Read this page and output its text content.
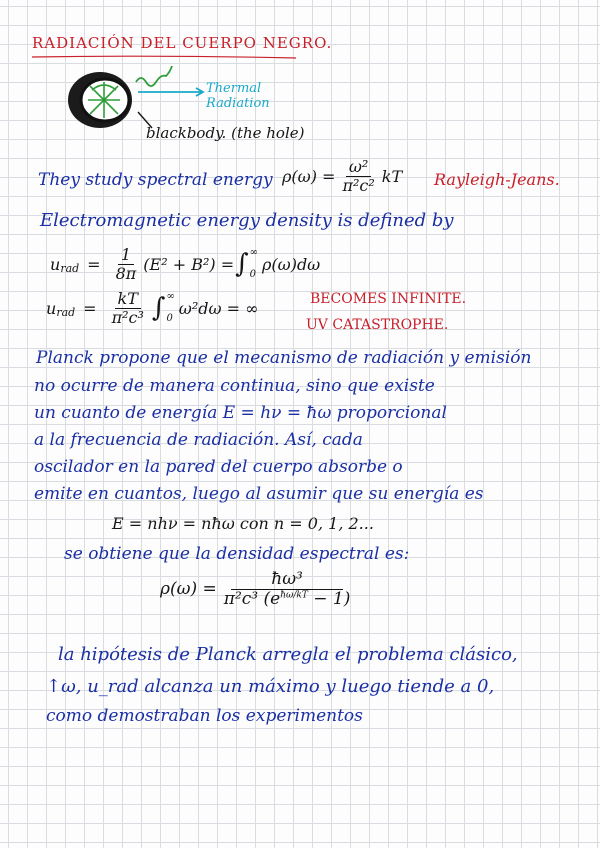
RADIACIÓN DEL CUERPO NEGRO.
Thermal
Radiation
blackbody. (the hole)
They study spectral energy $\rho(\omega) = \frac{\text{ω²}}{\text{π²c²}}$ kT Rayleigh-Jeans.
Electromagnetic energy density is defined by
u rad = $\frac{1}{8\pi} (E^2 + B^2)$ = ∫ ∞
0
ρ(ω)dω
u rad = $\frac{kT}{\text{π²c³}}$ ∫ ∞
0
ω²dω = ∞	BECOMES INFINITE.
UV CATASTROPHE.
Planck propone que el mecanismo de radiación y emisión
no ocurre de manera continua, sino que existe
un cuanto de energía E = hν = ħω proporcional
a la frecuencia de radiación. Así, cada
oscilador en la pared del cuerpo absorbe o
emite en cuantos, luego al asumir que su energía es
E = nhν = nħω con n = 0, 1, 2...
se obtiene que la densidad espectral es:
$\rho(\omega) = \frac{\text{ħω³}}{\pi^2c^3 (e^{ħ\omega/kT} - 1)}$
la hipótesis de Planck arregla el problema clásico,
↑ω, u_rad alcanza un máximo y luego tiende a 0,
como demostraban los experimentos
